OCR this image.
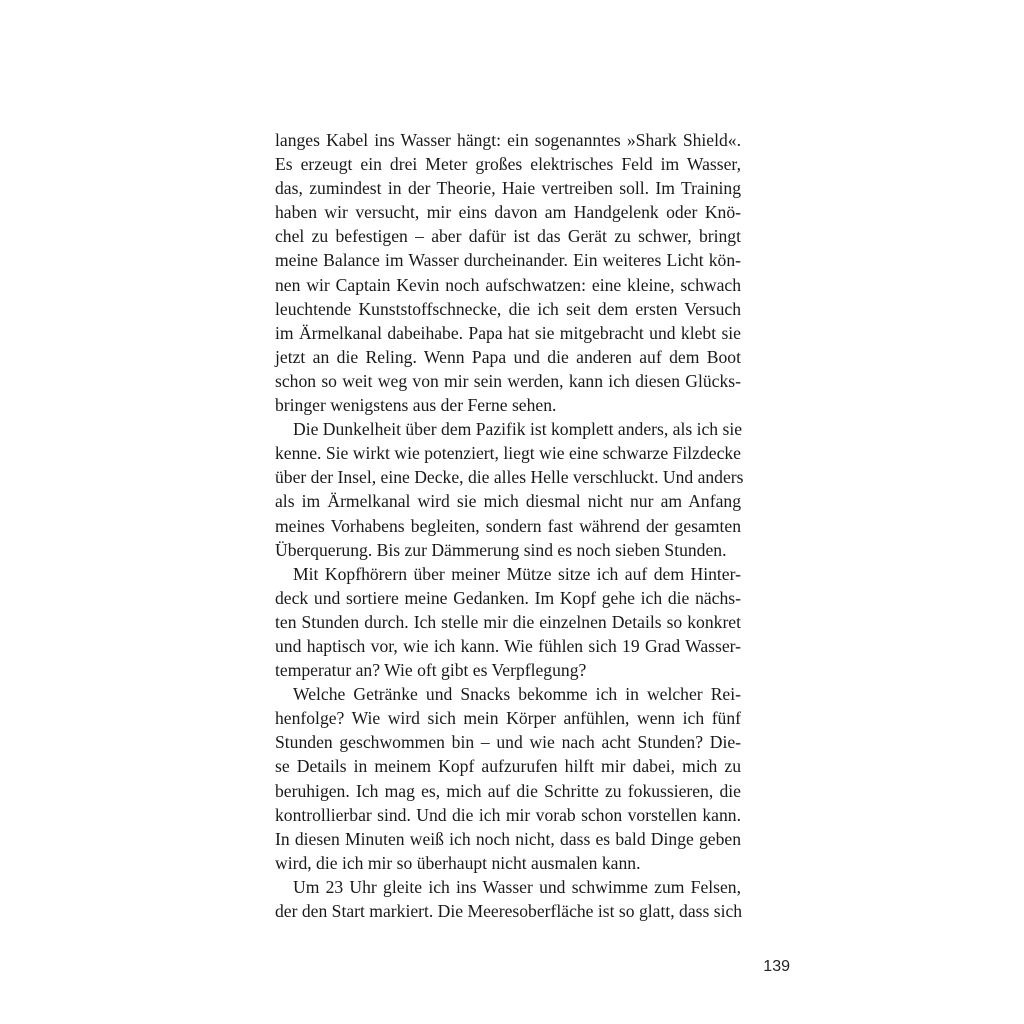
langes Kabel ins Wasser hängt: ein sogenanntes »Shark Shield«.
Es erzeugt ein drei Meter großes elektrisches Feld im Wasser,
das, zumindest in der Theorie, Haie vertreiben soll. Im Training
haben wir versucht, mir eins davon am Handgelenk oder Knö-
chel zu befestigen – aber dafür ist das Gerät zu schwer, bringt
meine Balance im Wasser durcheinander. Ein weiteres Licht kön-
nen wir Captain Kevin noch aufschwatzen: eine kleine, schwach
leuchtende Kunststoffschnecke, die ich seit dem ersten Versuch
im Ärmelkanal dabeihabe. Papa hat sie mitgebracht und klebt sie
jetzt an die Reling. Wenn Papa und die anderen auf dem Boot
schon so weit weg von mir sein werden, kann ich diesen Glücks-
bringer wenigstens aus der Ferne sehen.
Die Dunkelheit über dem Pazifik ist komplett anders, als ich sie
kenne. Sie wirkt wie potenziert, liegt wie eine schwarze Filzdecke
über der Insel, eine Decke, die alles Helle verschluckt. Und anders
als im Ärmelkanal wird sie mich diesmal nicht nur am Anfang
meines Vorhabens begleiten, sondern fast während der gesamten
Überquerung. Bis zur Dämmerung sind es noch sieben Stunden.
Mit Kopfhörern über meiner Mütze sitze ich auf dem Hinter-
deck und sortiere meine Gedanken. Im Kopf gehe ich die nächs-
ten Stunden durch. Ich stelle mir die einzelnen Details so konkret
und haptisch vor, wie ich kann. Wie fühlen sich 19 Grad Wasser-
temperatur an? Wie oft gibt es Verpflegung?
Welche Getränke und Snacks bekomme ich in welcher Rei-
henfolge? Wie wird sich mein Körper anfühlen, wenn ich fünf
Stunden geschwommen bin – und wie nach acht Stunden? Die-
se Details in meinem Kopf aufzurufen hilft mir dabei, mich zu
beruhigen. Ich mag es, mich auf die Schritte zu fokussieren, die
kontrollierbar sind. Und die ich mir vorab schon vorstellen kann.
In diesen Minuten weiß ich noch nicht, dass es bald Dinge geben
wird, die ich mir so überhaupt nicht ausmalen kann.
Um 23 Uhr gleite ich ins Wasser und schwimme zum Felsen,
der den Start markiert. Die Meeresoberfläche ist so glatt, dass sich
139
